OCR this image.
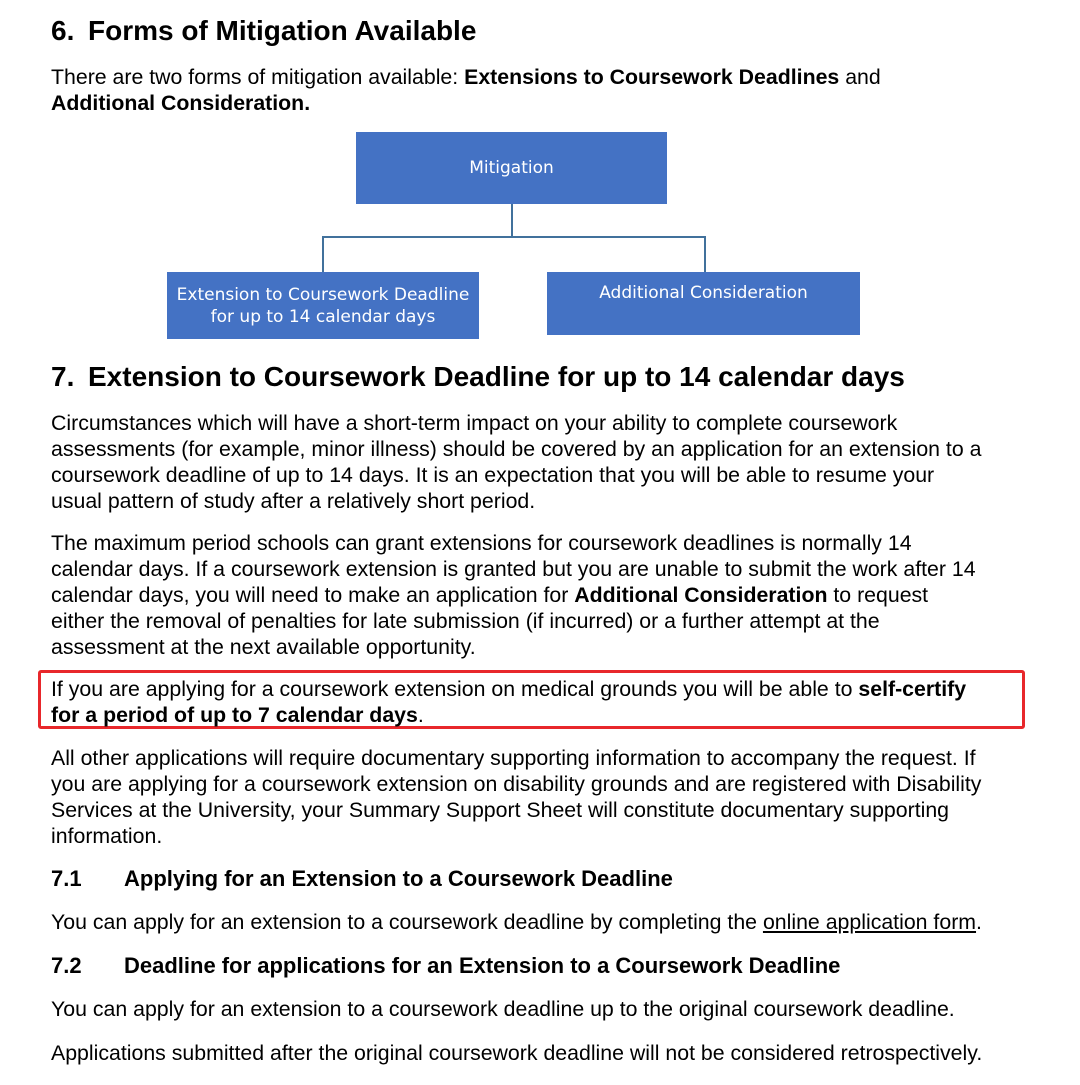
6. Forms of Mitigation Available

There are two forms of mitigation available: Extensions to Coursework Deadlines and
Additional Consideration.

Mitigation
Extension to Coursework Deadline
for up to 14 calendar days
Additional Consideration
7. Extension to Coursework Deadline for up to 14 calendar days

Circumstances which will have a short-term impact on your ability to complete coursework
assessments (for example, minor illness) should be covered by an application for an extension to a
coursework deadline of up to 14 days. It is an expectation that you will be able to resume your
usual pattern of study after a relatively short period.

The maximum period schools can grant extensions for coursework deadlines is normally 14
calendar days. If a coursework extension is granted but you are unable to submit the work after 14
calendar days, you will need to make an application for Additional Consideration to request
either the removal of penalties for late submission (if incurred) or a further attempt at the
assessment at the next available opportunity.

If you are applying for a coursework extension on medical grounds you will be able to self-certify
for a period of up to 7 calendar days.

All other applications will require documentary supporting information to accompany the request. If
you are applying for a coursework extension on disability grounds and are registered with Disability
Services at the University, your Summary Support Sheet will constitute documentary supporting
information.

7.1 Applying for an Extension to a Coursework Deadline

You can apply for an extension to a coursework deadline by completing the online application form.

7.2 Deadline for applications for an Extension to a Coursework Deadline

You can apply for an extension to a coursework deadline up to the original coursework deadline.

Applications submitted after the original coursework deadline will not be considered retrospectively.
